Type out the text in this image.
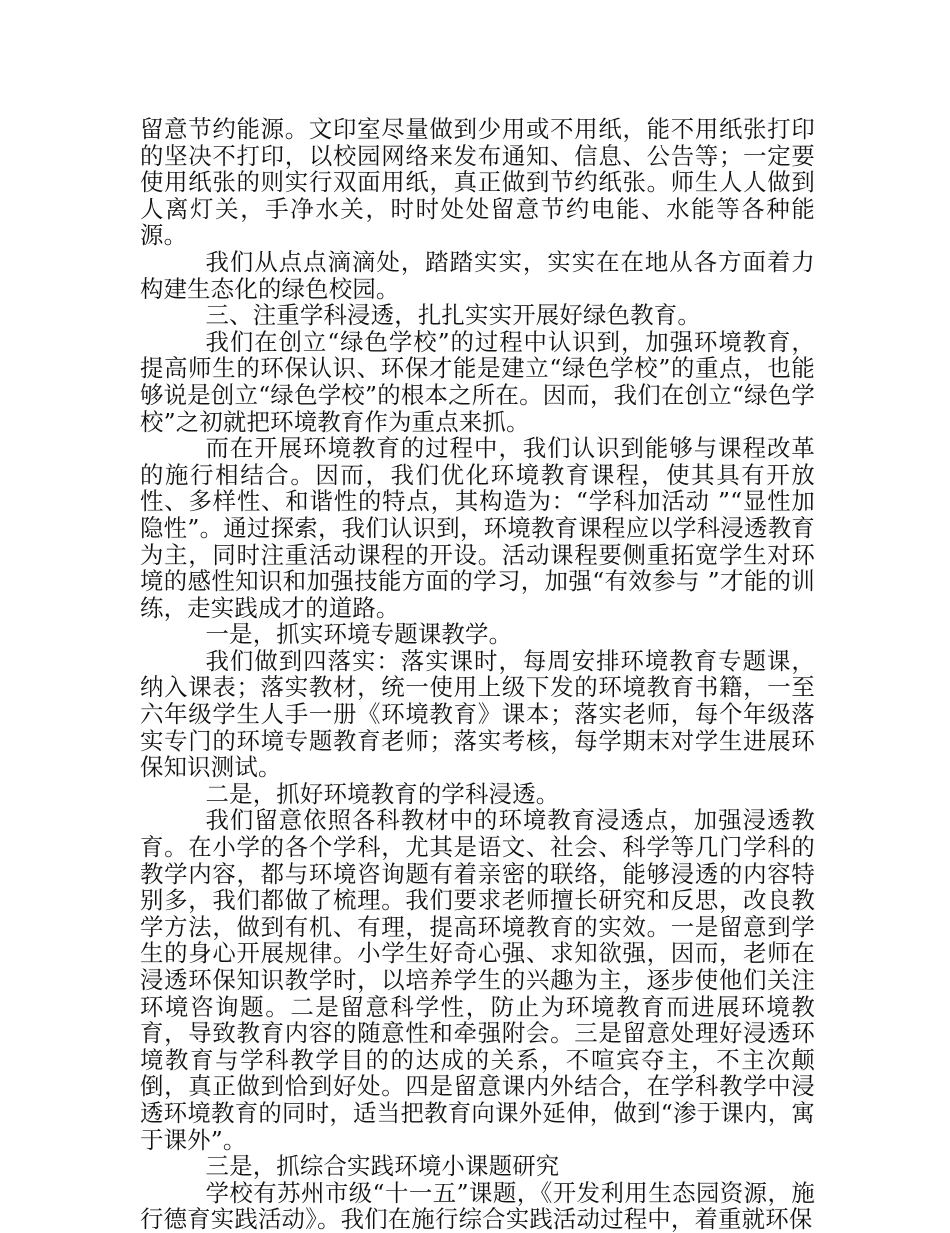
留意节约能源。文印室尽量做到少用或不用纸，能不用纸张打印的坚决不打印，以校园网络来发布通知、信息、公告等；一定要使用纸张的则实行双面用纸，真正做到节约纸张。师生人人做到人离灯关，手净水关，时时处处留意节约电能、水能等各种能源。

我们从点点滴滴处，踏踏实实，实实在在地从各方面着力构建生态化的绿色校园。

三、注重学科浸透，扎扎实实开展好绿色教育。

我们在创立“绿色学校”的过程中认识到，加强环境教育，提高师生的环保认识、环保才能是建立“绿色学校”的重点，也能够说是创立“绿色学校”的根本之所在。因而，我们在创立“绿色学校”之初就把环境教育作为重点来抓。

而在开展环境教育的过程中，我们认识到能够与课程改革的施行相结合。因而，我们优化环境教育课程，使其具有开放性、多样性、和谐性的特点，其构造为：“学科加活动 ”“显性加隐性”。通过探索，我们认识到，环境教育课程应以学科浸透教育为主，同时注重活动课程的开设。活动课程要侧重拓宽学生对环境的感性知识和加强技能方面的学习，加强“有效参与 ”才能的训练，走实践成才的道路。

一是，抓实环境专题课教学。

我们做到四落实：落实课时，每周安排环境教育专题课，纳入课表；落实教材，统一使用上级下发的环境教育书籍，一至六年级学生人手一册《环境教育》课本；落实老师，每个年级落实专门的环境专题教育老师；落实考核，每学期末对学生进展环保知识测试。

二是，抓好环境教育的学科浸透。

我们留意依照各科教材中的环境教育浸透点，加强浸透教育。在小学的各个学科，尤其是语文、社会、科学等几门学科的教学内容，都与环境咨询题有着亲密的联络，能够浸透的内容特别多，我们都做了梳理。我们要求老师擅长研究和反思，改良教学方法，做到有机、有理，提高环境教育的实效。一是留意到学生的身心开展规律。小学生好奇心强、求知欲强，因而，老师在浸透环保知识教学时，以培养学生的兴趣为主，逐步使他们关注环境咨询题。二是留意科学性，防止为环境教育而进展环境教育，导致教育内容的随意性和牵强附会。三是留意处理好浸透环境教育与学科教学目的的达成的关系，不喧宾夺主，不主次颠倒，真正做到恰到好处。四是留意课内外结合，在学科教学中浸透环境教育的同时，适当把教育向课外延伸，做到“渗于课内，寓于课外”。

三是，抓综合实践环境小课题研究

学校有苏州市级“十一五”课题，《开发利用生态园资源，施行德育实践活动》。我们在施行综合实践活动过程中，着重就环保
